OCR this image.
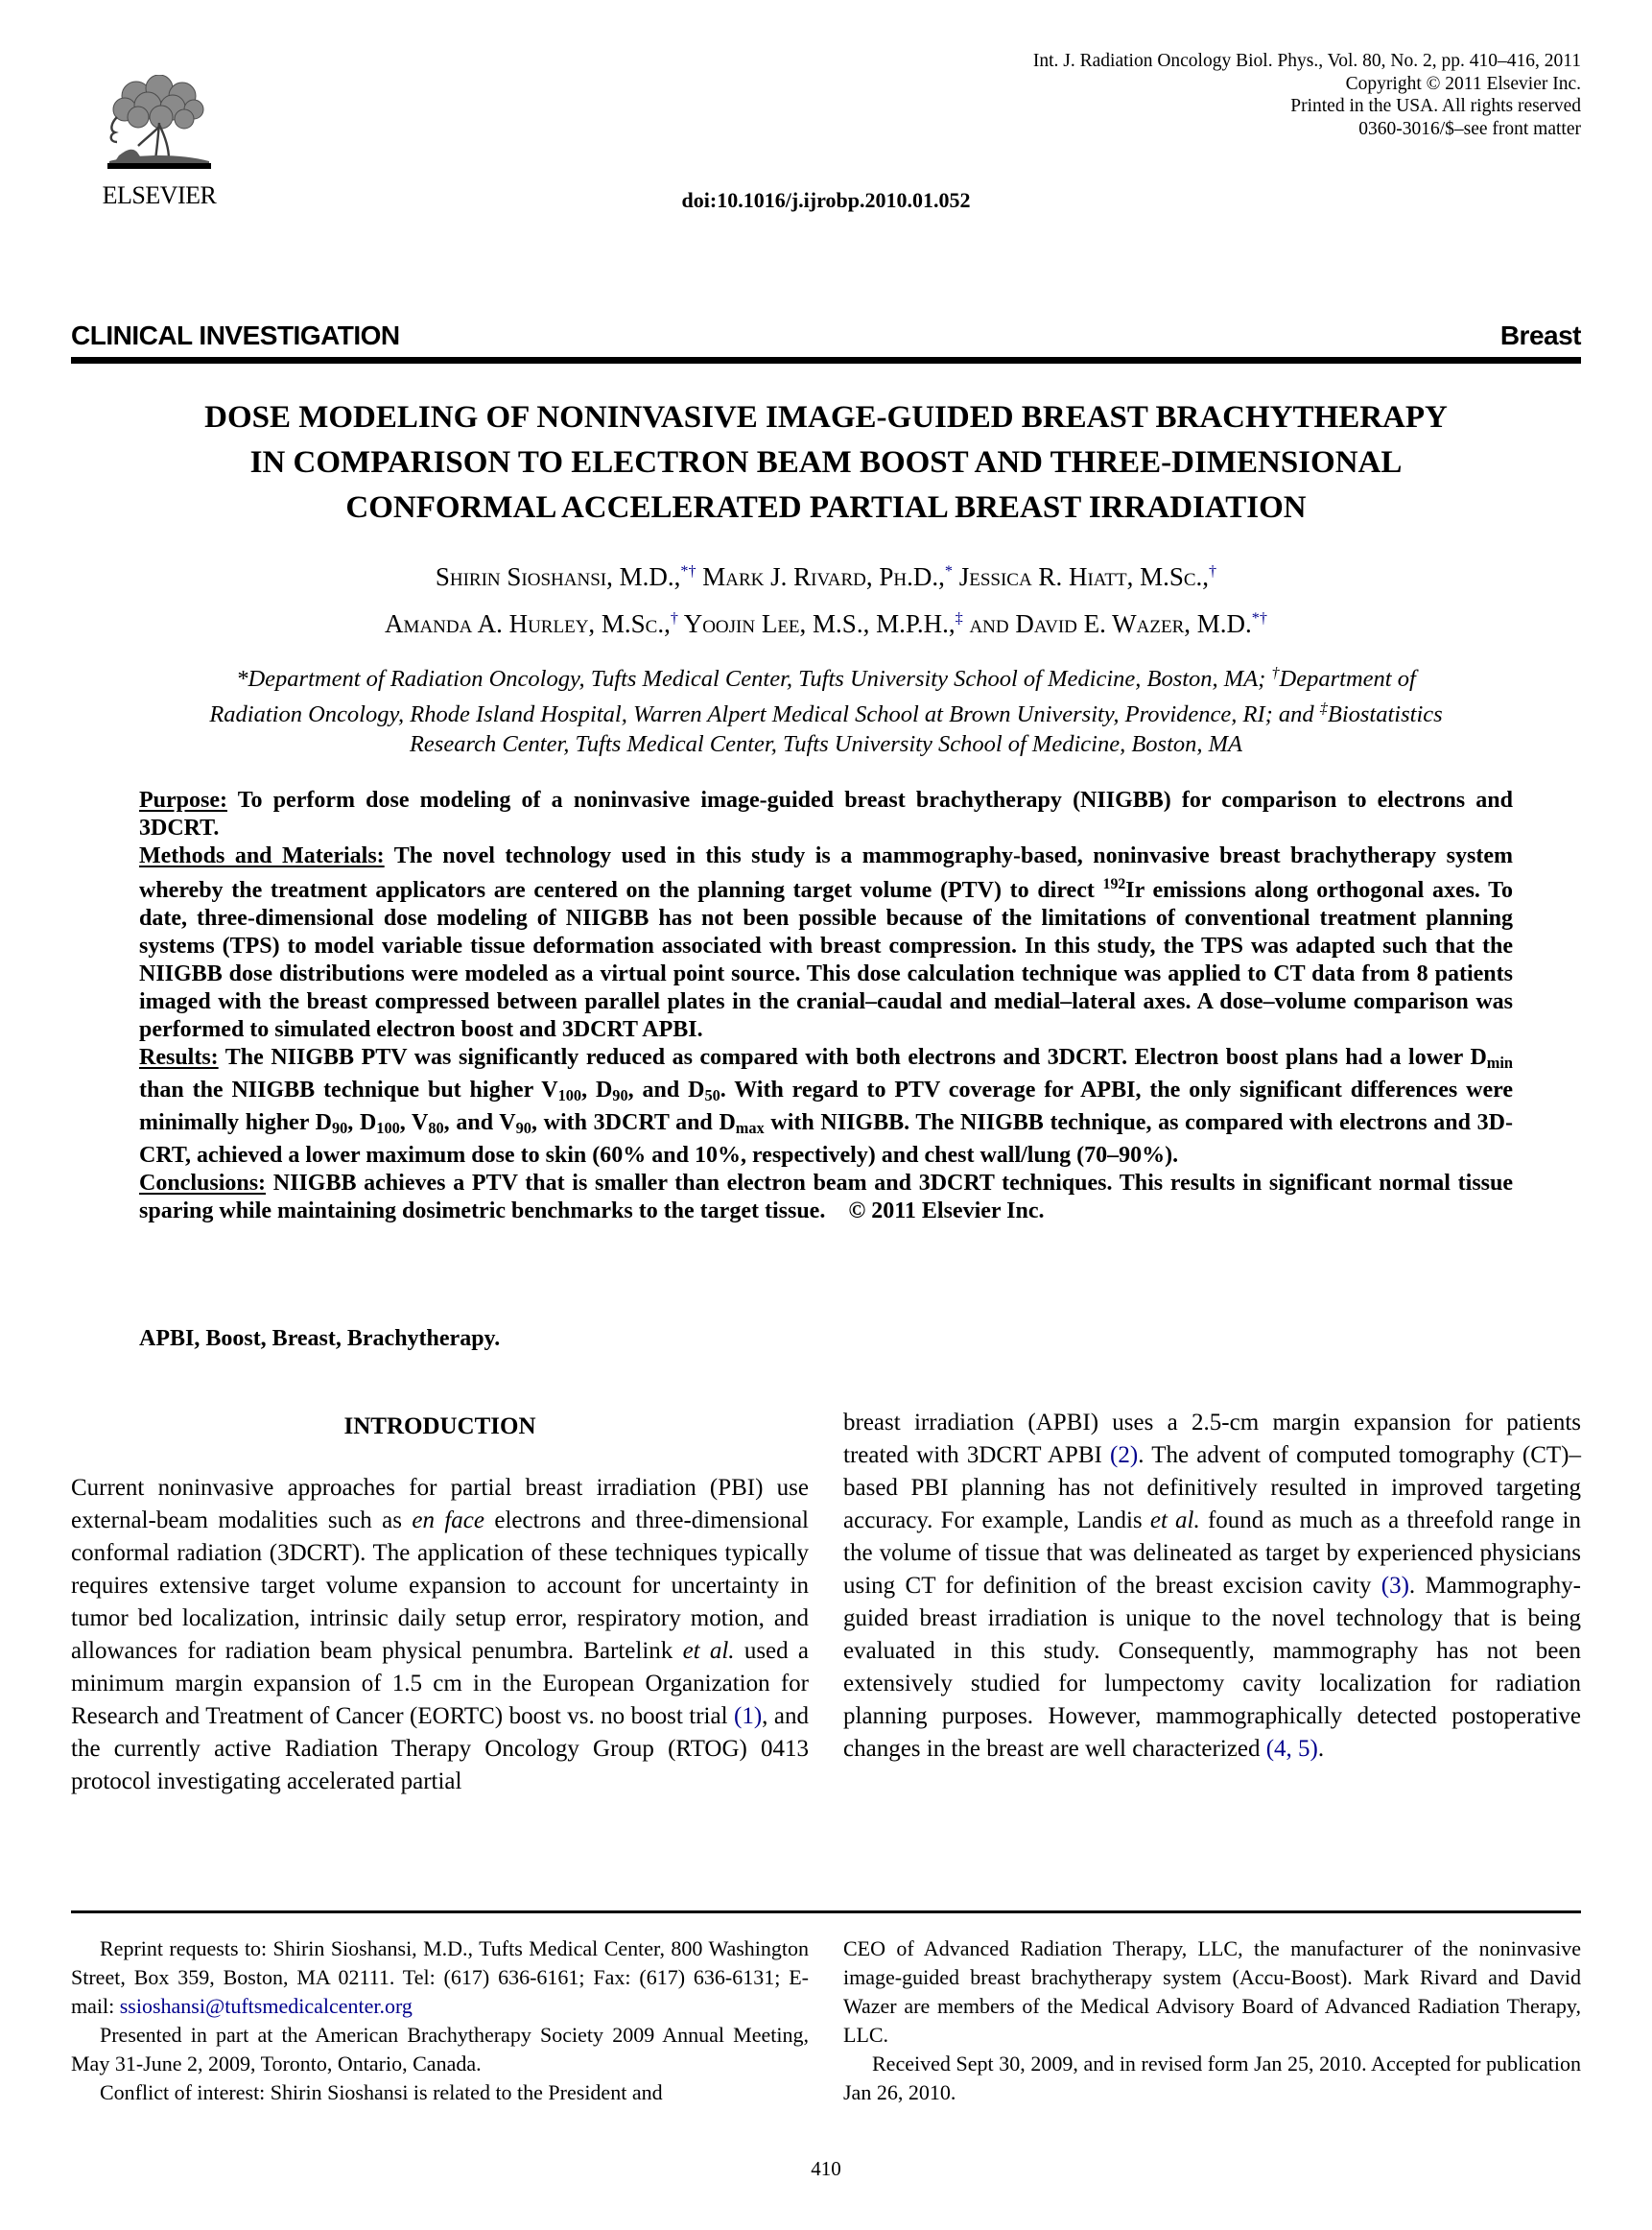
ELSEVIER
Int. J. Radiation Oncology Biol. Phys., Vol. 80, No. 2, pp. 410–416, 2011
Copyright © 2011 Elsevier Inc.
Printed in the USA. All rights reserved
0360-3016/$–see front matter
doi:10.1016/j.ijrobp.2010.01.052
CLINICAL INVESTIGATION	Breast
DOSE MODELING OF NONINVASIVE IMAGE-GUIDED BREAST BRACHYTHERAPY
IN COMPARISON TO ELECTRON BEAM BOOST AND THREE-DIMENSIONAL
CONFORMAL ACCELERATED PARTIAL BREAST IRRADIATION
Shirin Sioshansi, M.D.,*† Mark J. Rivard, Ph.D.,* Jessica R. Hiatt, M.Sc.,†
Amanda A. Hurley, M.Sc.,† Yoojin Lee, M.S., M.P.H.,‡ and David E. Wazer, M.D.*†
*Department of Radiation Oncology, Tufts Medical Center, Tufts University School of Medicine, Boston, MA; †Department of
Radiation Oncology, Rhode Island Hospital, Warren Alpert Medical School at Brown University, Providence, RI; and ‡Biostatistics
Research Center, Tufts Medical Center, Tufts University School of Medicine, Boston, MA

Purpose: To perform dose modeling of a noninvasive image-guided breast brachytherapy (NIIGBB) for comparison to electrons and 3DCRT.

Methods and Materials: The novel technology used in this study is a mammography-based, noninvasive breast brachytherapy system whereby the treatment applicators are centered on the planning target volume (PTV) to direct $^{192}$Ir emissions along orthogonal axes. To date, three-dimensional dose modeling of NIIGBB has not been possible because of the limitations of conventional treatment planning systems (TPS) to model variable tissue deformation associated with breast compression. In this study, the TPS was adapted such that the NIIGBB dose distributions were modeled as a virtual point source. This dose calculation technique was applied to CT data from 8 patients imaged with the breast compressed between parallel plates in the cranial–caudal and medial–lateral axes. A dose–volume comparison was performed to simulated electron boost and 3DCRT APBI.

Results: The NIIGBB PTV was significantly reduced as compared with both electrons and 3DCRT. Electron boost plans had a lower Dmin than the NIIGBB technique but higher V100, D90, and D50. With regard to PTV coverage for APBI, the only significant differences were minimally higher D90, D100, V80, and V90, with 3DCRT and Dmax with NIIGBB. The NIIGBB technique, as compared with electrons and 3D-CRT, achieved a lower maximum dose to skin (60% and 10%, respectively) and chest wall/lung (70–90%).

Conclusions: NIIGBB achieves a PTV that is smaller than electron beam and 3DCRT techniques. This results in significant normal tissue sparing while maintaining dosimetric benchmarks to the target tissue.    © 2011 Elsevier Inc.

APBI, Boost, Breast, Brachytherapy.
INTRODUCTION

Current noninvasive approaches for partial breast irradiation (PBI) use external-beam modalities such as en face electrons and three-dimensional conformal radiation (3DCRT). The application of these techniques typically requires extensive target volume expansion to account for uncertainty in tumor bed localization, intrinsic daily setup error, respiratory motion, and allowances for radiation beam physical penumbra. Bartelink et al. used a minimum margin expansion of 1.5 cm in the European Organization for Research and Treatment of Cancer (EORTC) boost vs. no boost trial (1), and the currently active Radiation Therapy Oncology Group (RTOG) 0413 protocol investigating accelerated partial

breast irradiation (APBI) uses a 2.5-cm margin expansion for patients treated with 3DCRT APBI (2). The advent of computed tomography (CT)–based PBI planning has not definitively resulted in improved targeting accuracy. For example, Landis et al. found as much as a threefold range in the volume of tissue that was delineated as target by experienced physicians using CT for definition of the breast excision cavity (3). Mammography-guided breast irradiation is unique to the novel technology that is being evaluated in this study. Consequently, mammography has not been extensively studied for lumpectomy cavity localization for radiation planning purposes. However, mammographically detected postoperative changes in the breast are well characterized (4, 5).

Reprint requests to: Shirin Sioshansi, M.D., Tufts Medical Center, 800 Washington Street, Box 359, Boston, MA 02111. Tel: (617) 636-6161; Fax: (617) 636-6131; E-mail: ssioshansi@tuftsmedicalcenter.org

Presented in part at the American Brachytherapy Society 2009 Annual Meeting, May 31-June 2, 2009, Toronto, Ontario, Canada.

Conflict of interest: Shirin Sioshansi is related to the President and

CEO of Advanced Radiation Therapy, LLC, the manufacturer of the noninvasive image-guided breast brachytherapy system (Accu-Boost). Mark Rivard and David Wazer are members of the Medical Advisory Board of Advanced Radiation Therapy, LLC.

Received Sept 30, 2009, and in revised form Jan 25, 2010. Accepted for publication Jan 26, 2010.

410
